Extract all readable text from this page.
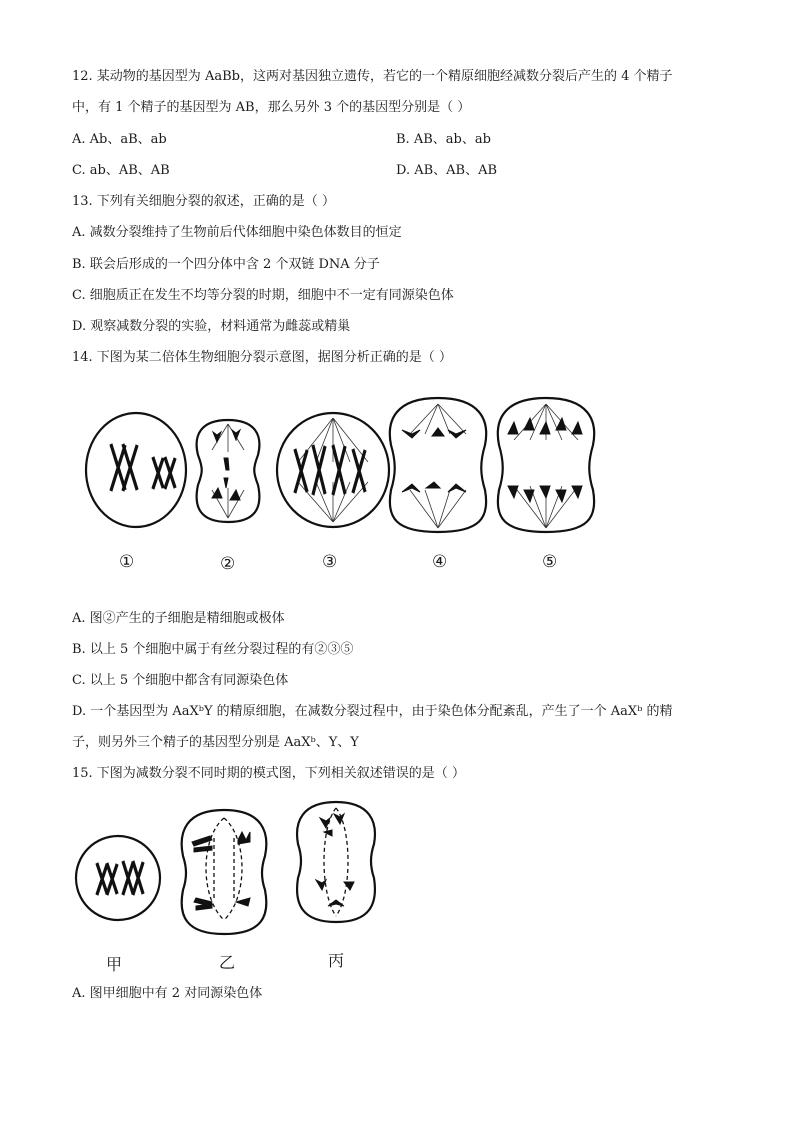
12. 某动物的基因型为 AaBb，这两对基因独立遗传，若它的一个精原细胞经减数分裂后产生的 4 个精子
中，有 1 个精子的基因型为 AB，那么另外 3 个的基因型分别是（ ）
A. Ab、aB、ab	B. AB、ab、ab
C. ab、AB、AB	D. AB、AB、AB
13. 下列有关细胞分裂的叙述，正确的是（ ）
A. 减数分裂维持了生物前后代体细胞中染色体数目的恒定
B. 联会后形成的一个四分体中含 2 个双链 DNA 分子
C. 细胞质正在发生不均等分裂的时期，细胞中不一定有同源染色体
D. 观察减数分裂的实验，材料通常为雌蕊或精巢
14. 下图为某二倍体生物细胞分裂示意图，据图分析正确的是（ ）
①	②	③	④	⑤
A. 图②产生的子细胞是精细胞或极体
B. 以上 5 个细胞中属于有丝分裂过程的有②③⑤
C. 以上 5 个细胞中都含有同源染色体
D. 一个基因型为 AaXᵇY 的精原细胞，在减数分裂过程中，由于染色体分配紊乱，产生了一个 AaXᵇ 的精
子，则另外三个精子的基因型分别是 AaXᵇ、Y、Y
15. 下图为减数分裂不同时期的模式图，下列相关叙述错误的是（ ）
甲	乙	丙
A. 图甲细胞中有 2 对同源染色体
